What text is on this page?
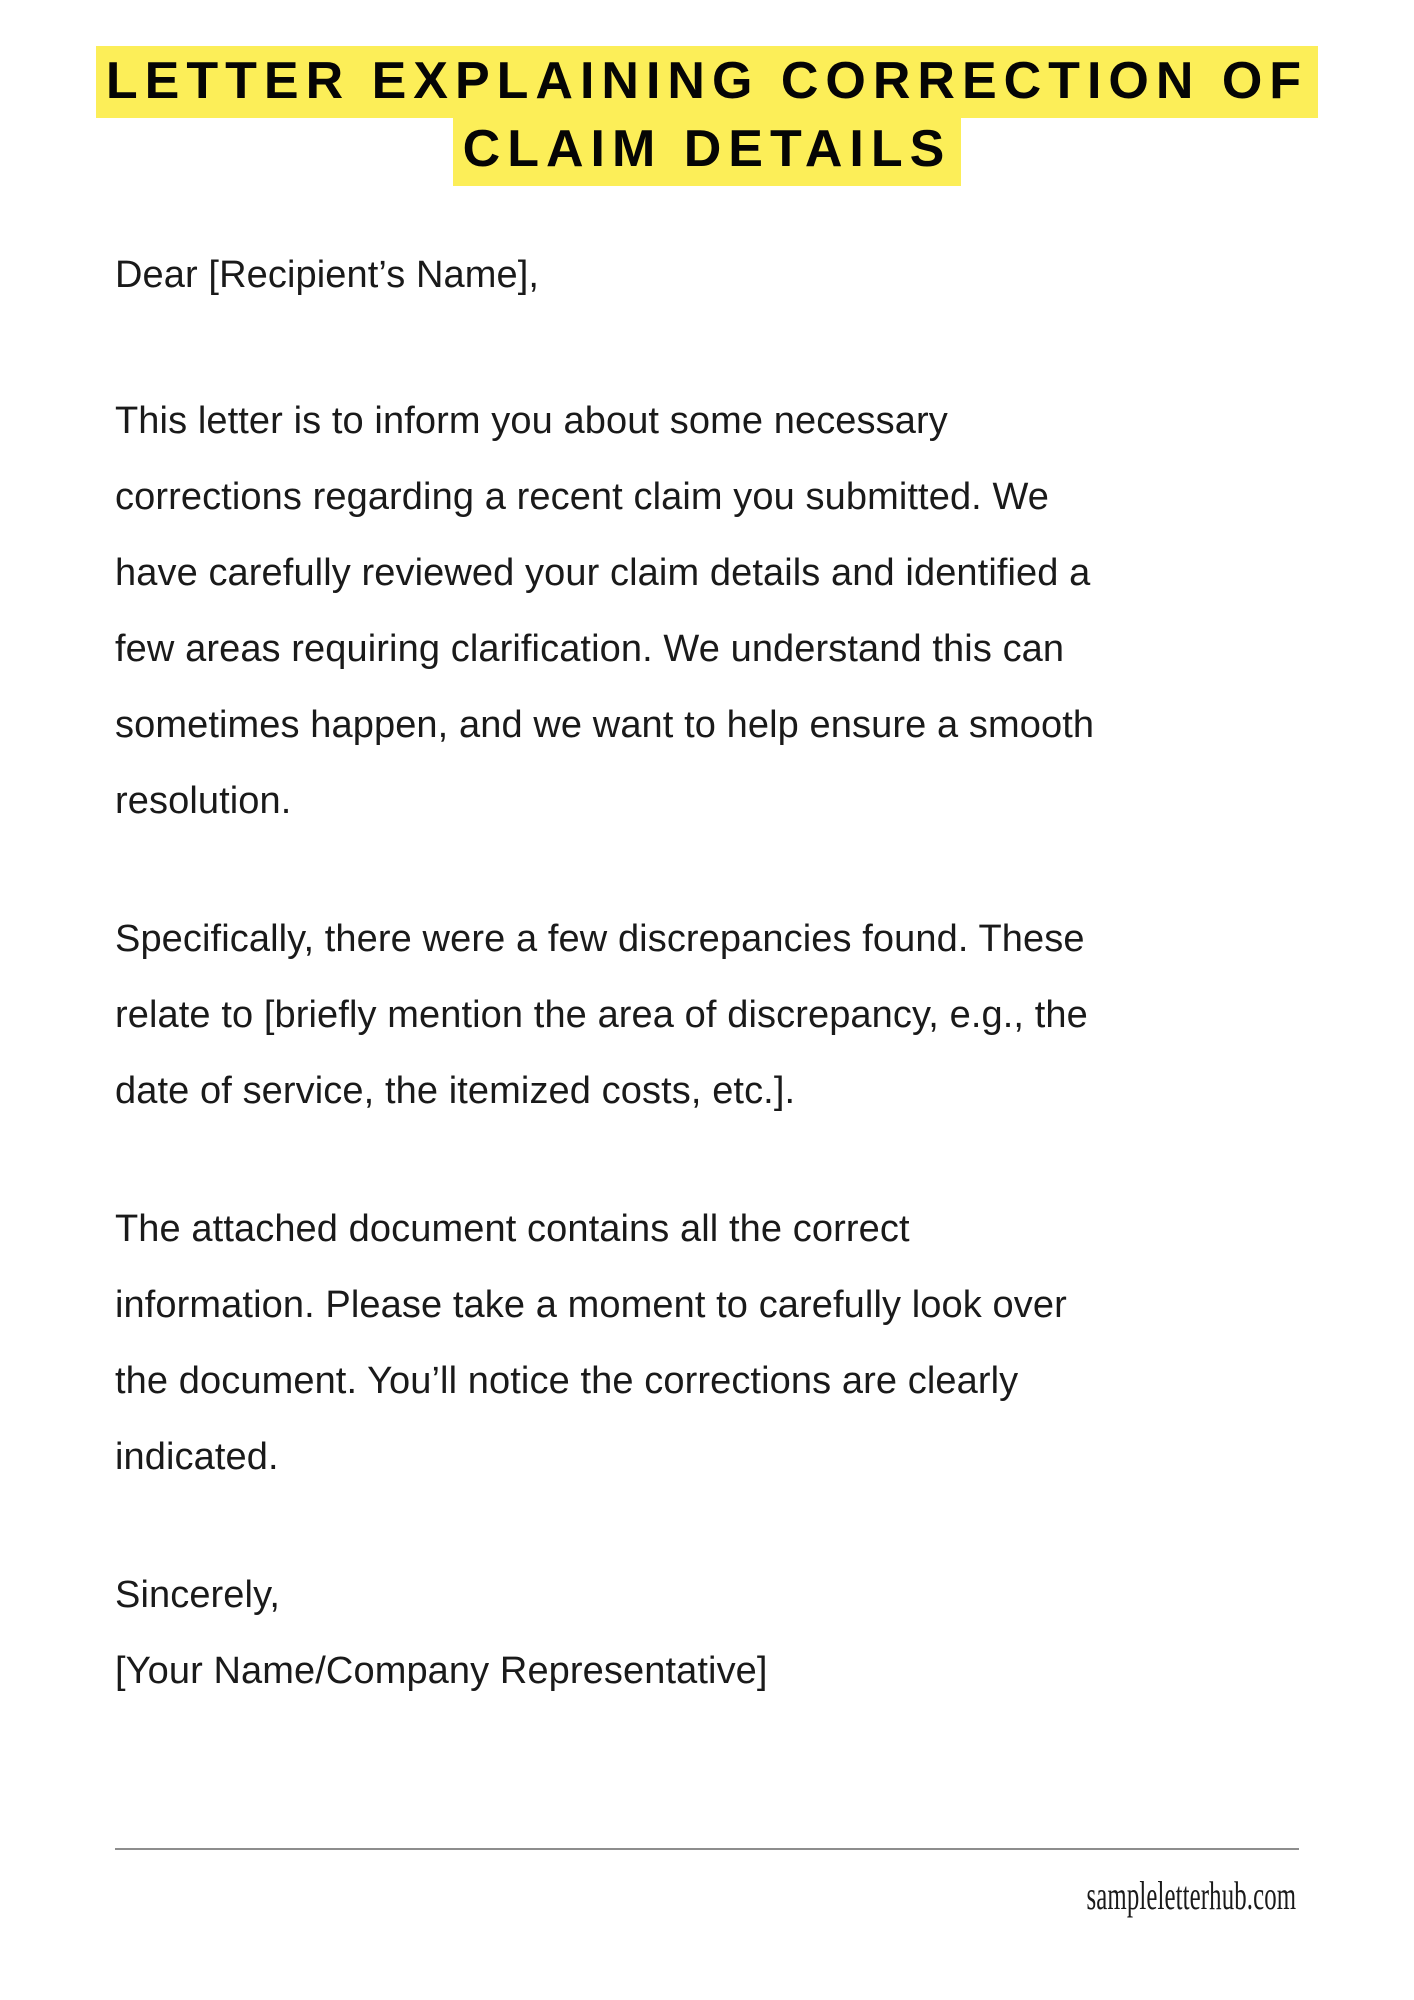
LETTER EXPLAINING CORRECTION OF
CLAIM DETAILS

Dear [Recipient’s Name],

This letter is to inform you about some necessary
corrections regarding a recent claim you submitted. We
have carefully reviewed your claim details and identified a
few areas requiring clarification. We understand this can
sometimes happen, and we want to help ensure a smooth
resolution.

Specifically, there were a few discrepancies found. These
relate to [briefly mention the area of discrepancy, e.g., the
date of service, the itemized costs, etc.].

The attached document contains all the correct
information. Please take a moment to carefully look over
the document. You’ll notice the corrections are clearly
indicated.

Sincerely,
[Your Name/Company Representative]

sampleletterhub.com
